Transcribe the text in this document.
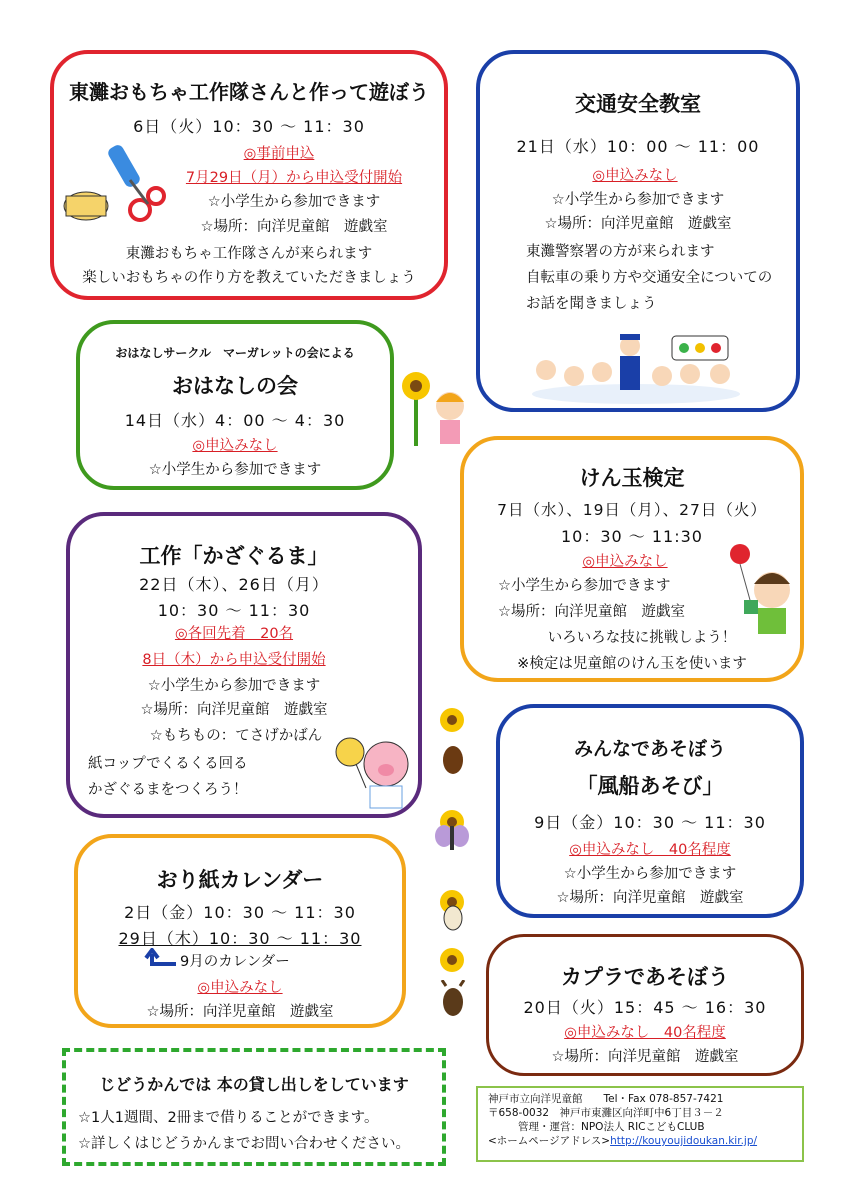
東灘おもちゃ工作隊さんと作って遊ぼう
6日（火）10：30 ～ 11：30
◎事前申込
7月29日（月）から申込受付開始
☆小学生から参加できます
☆場所：向洋児童館　遊戯室
東灘おもちゃ工作隊さんが来られます
楽しいおもちゃの作り方を教えていただきましょう
交通安全教室
21日（水）10：00 ～ 11：00
◎申込みなし
☆小学生から参加できます
☆場所：向洋児童館　遊戯室
東灘警察署の方が来られます
自転車の乗り方や交通安全についての
お話を聞きましょう
おはなしサークル　マーガレットの会による
おはなしの会
14日（水）4：00 ～ 4：30
◎申込みなし
☆小学生から参加できます	けん玉検定
7日（水）、19日（月）、27日（火）
10：30 ～ 11:30
◎申込みなし
☆小学生から参加できます
☆場所：向洋児童館　遊戯室
いろいろな技に挑戦しよう！
※検定は児童館のけん玉を使います
工作「かざぐるま」
22日（木）、26日（月）
10：30 ～ 11：30
◎各回先着　20名
8日（木）から申込受付開始
☆小学生から参加できます
☆場所：向洋児童館　遊戯室
☆もちもの：てさげかばん
紙コップでくるくる回る
かざぐるまをつくろう！
みんなであそぼう
「風船あそび」
9日（金）10：30 ～ 11：30
◎申込みなし　40名程度
☆小学生から参加できます
☆場所：向洋児童館　遊戯室
おり紙カレンダー
2日（金）10：30 ～ 11：30
29日（木）10：30 ～ 11：30
9月のカレンダー
◎申込みなし
☆場所：向洋児童館　遊戯室
カプラであそぼう
20日（火）15：45 ～ 16：30
◎申込みなし　40名程度
☆場所：向洋児童館　遊戯室
じどうかんでは 本の貸し出しをしています
☆1人1週間、2冊まで借りることができます。
☆詳しくはじどうかんまでお問い合わせください。
神戸市立向洋児童館　　Tel・Fax 078-857-7421
〒658-0032　神戸市東灘区向洋町中6丁目３－２
管理・運営：NPO法人 RICこどもCLUB
<ホームページアドレス>http://kouyoujidoukan.kir.jp/
